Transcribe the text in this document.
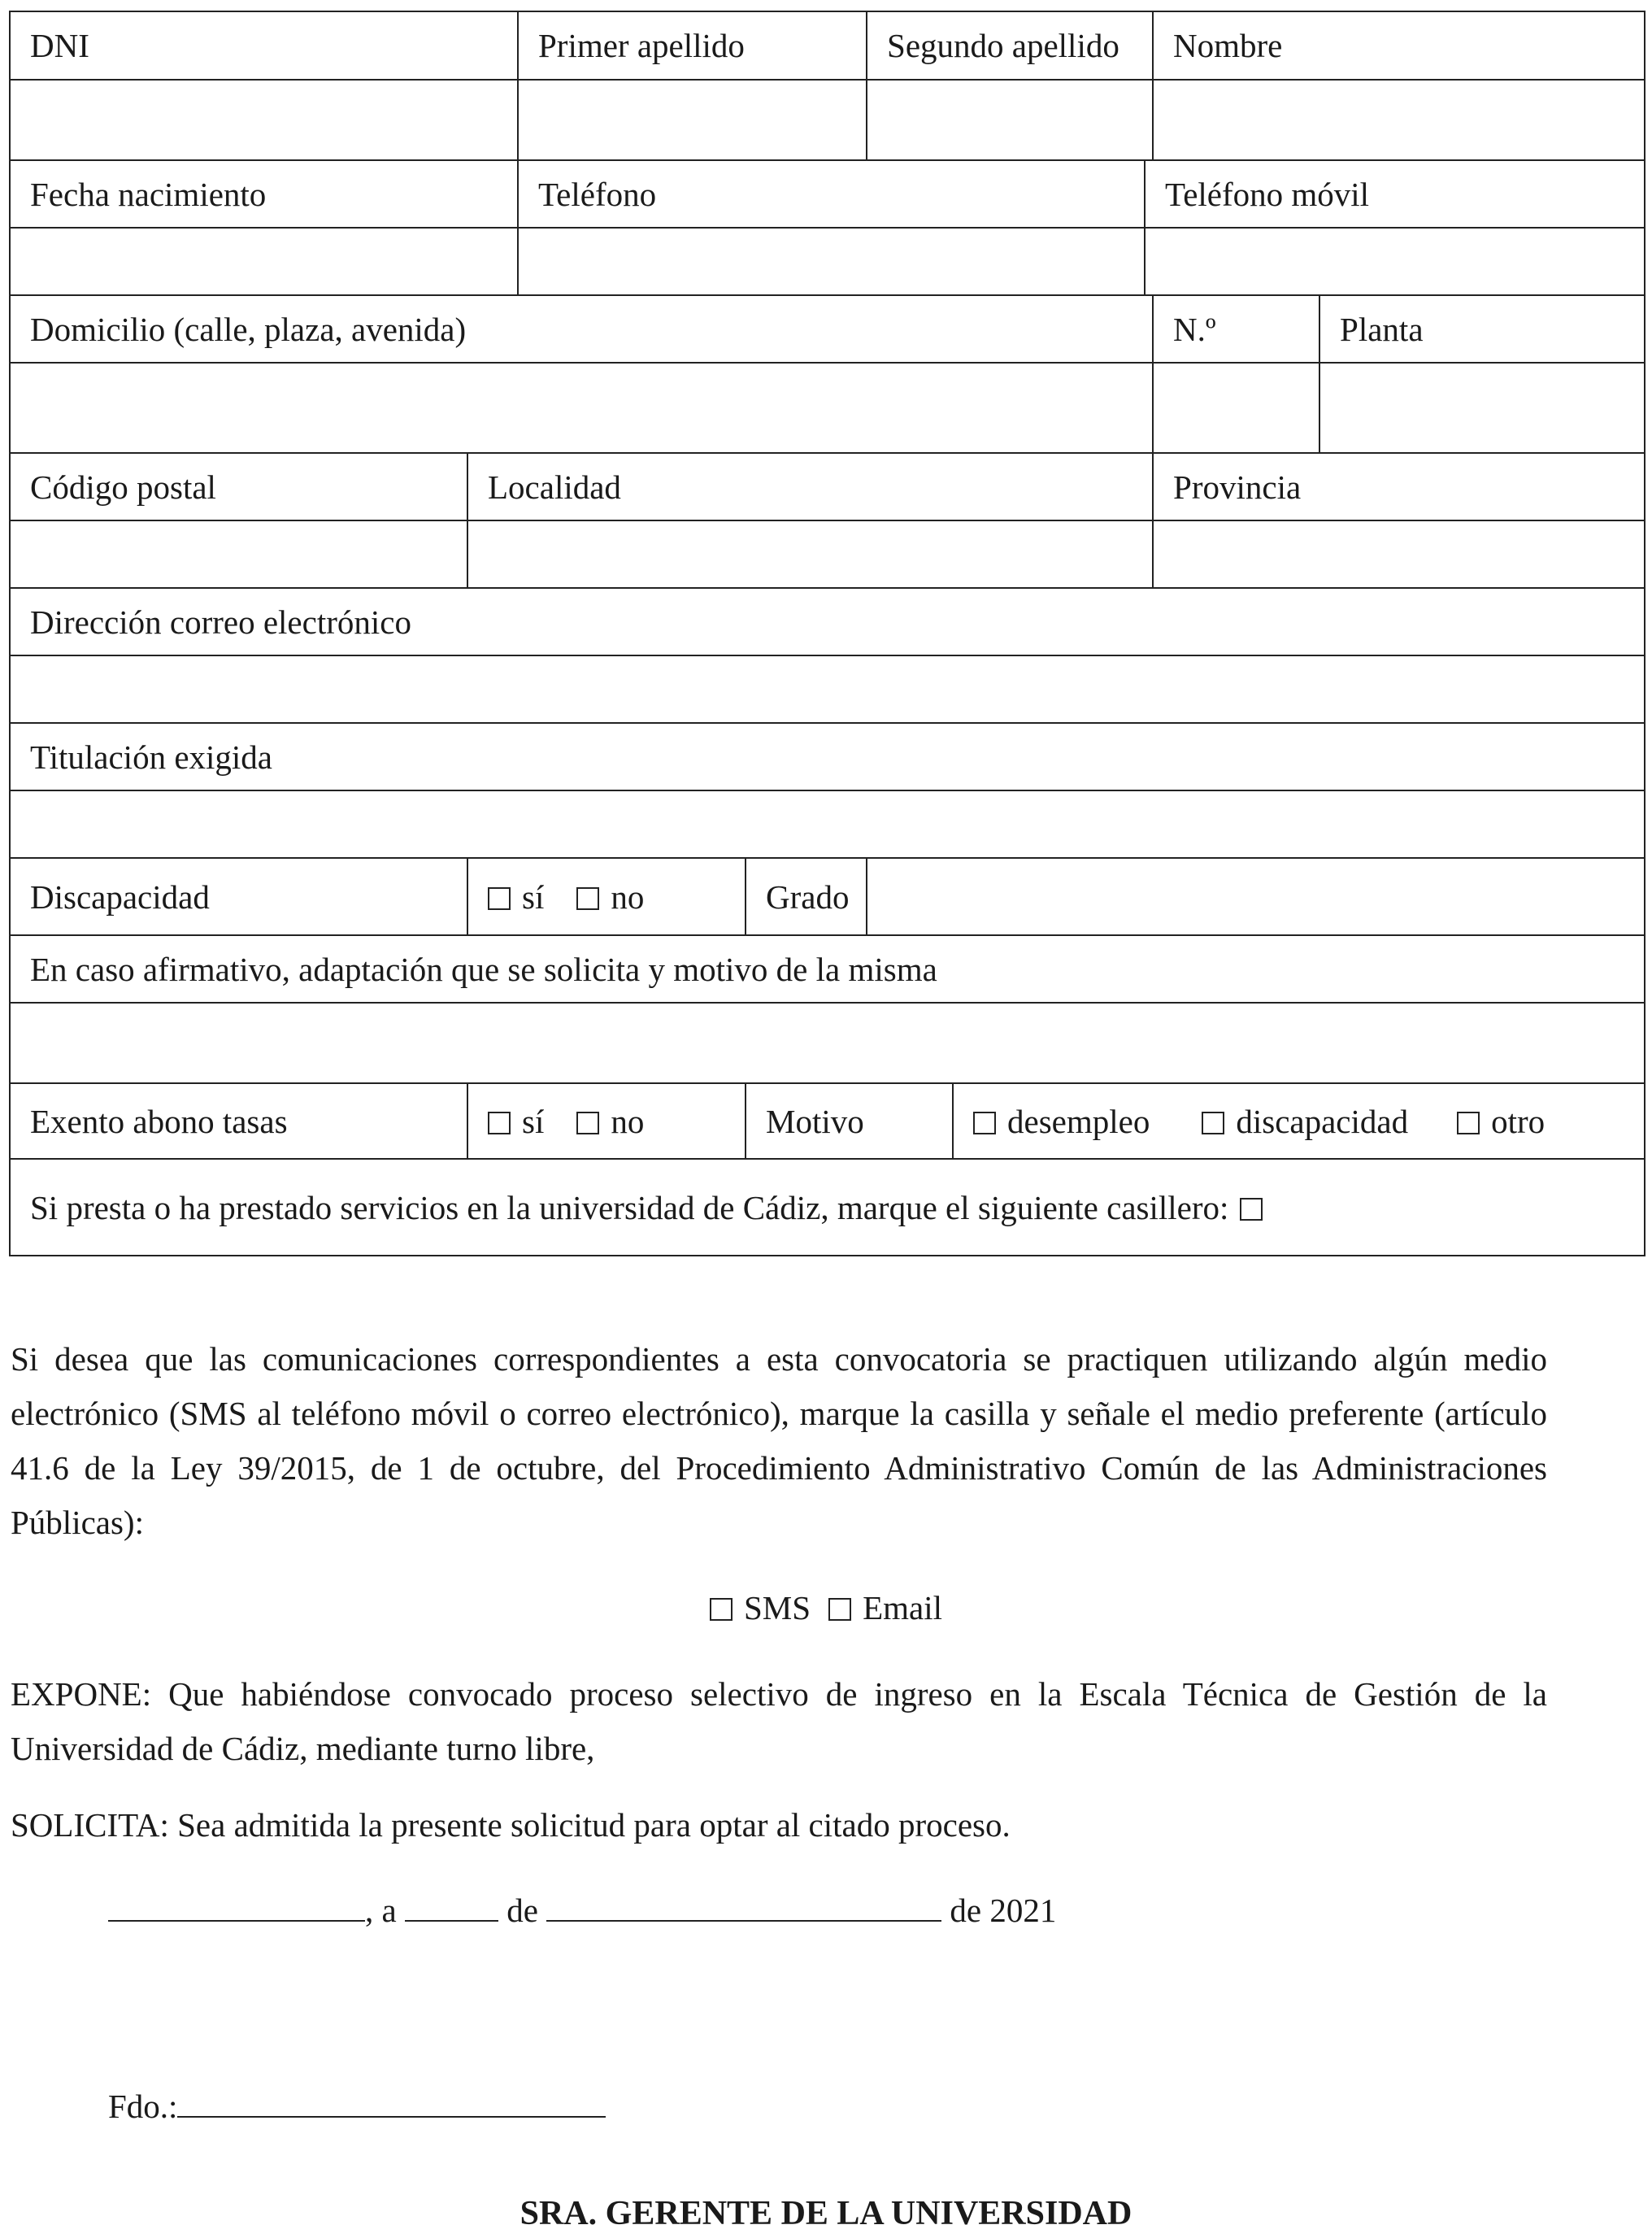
DNI		Primer apellido		Segundo apellido			Nombre	

Fecha nacimiento		Teléfono				Teléfono móvil		

Domicilio (calle, plaza, avenida)							N.º	Planta

Código postal	Localidad						Provincia	

Dirección correo electrónico								

Titulación exigida								

Discapacidad	sí no		Grado					
En caso afirmativo, adaptación que se solicita y motivo de la misma								

Exento abono tasas	sí no		Motivo		desempleo discapacidad otro			
Si presta o ha prestado servicios en la universidad de Cádiz, marque el siguiente casillero:								

Si desea que las comunicaciones correspondientes a esta convocatoria se practiquen utilizando algún medio electrónico (SMS al teléfono móvil o correo electrónico), marque la casilla y señale el medio preferente (artículo 41.6 de la Ley 39/2015, de 1 de octubre, del Procedimiento Administrativo Común de las Administraciones Públicas):

SMS Email

EXPONE: Que habiéndose convocado proceso selectivo de ingreso en la Escala Técnica de Gestión de la Universidad de Cádiz, mediante turno libre,

SOLICITA: Sea admitida la presente solicitud para optar al citado proceso.

, a	de	de 2021
Fdo.:
SRA. GERENTE DE LA UNIVERSIDAD
